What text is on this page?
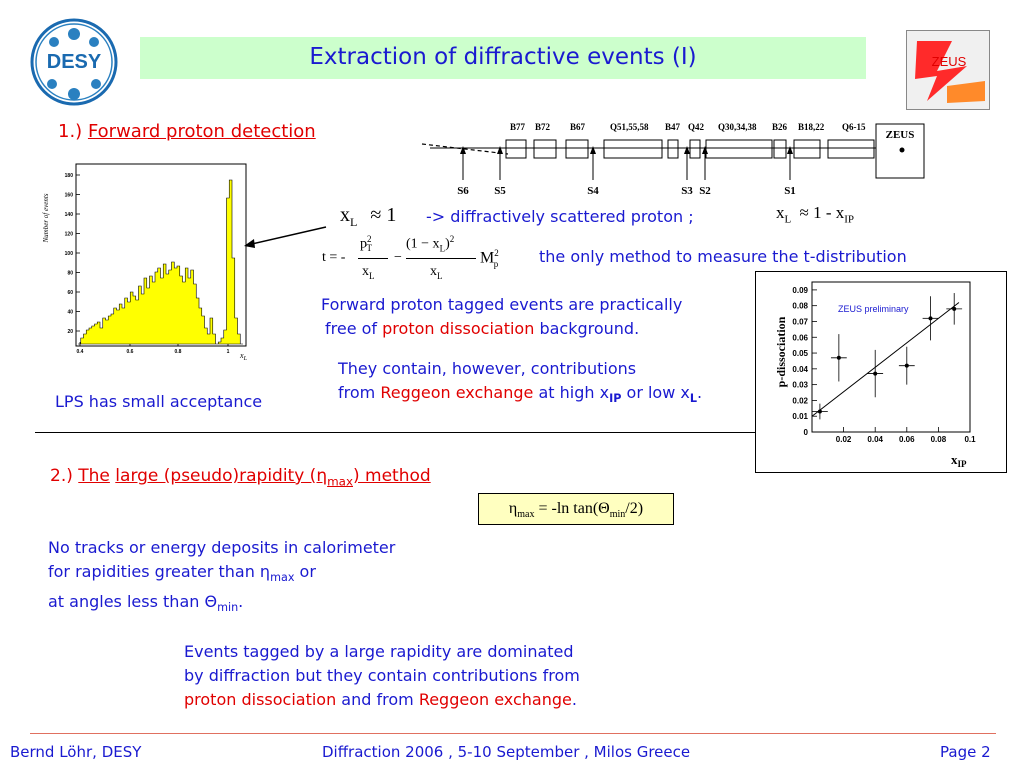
Extraction of diffractive events (I)
DESY	ZEUS
1.) Forward proton detection
Number of events
180
160
140
120
100
80
60
40
20
0.4	0.6	0.8	1 $x_L$
LPS has small acceptance
B77 B72 B67	Q51,55,58 B47 Q42 Q30,34,38 B26 B18,22 Q6-15
ZEUS
S6 S5	S4	S3 S2	S1
$x_L \approx 1$ -> diffractively scattered proton ;	$x_L \approx 1 - x_{IP}$
t = -
$p^2_T$
$x_L$
−
$(1 - x_L)^2$
$x_L$
$M^2_p$	the only method to measure the t-distribution
Forward proton tagged events are practically
free of proton dissociation background.
They contain, however, contributions
from Reggeon exchange at high $x_{IP}$ or low $x_L$.
p-dissociation
0
0.01
0.02
0.03
0.04
0.05
0.06
0.07
0.08
0.09
0.02 0.04 0.06 0.08 0.1
ZEUS preliminary
$x_{IP}$
2.) The large (pseudo)rapidity $(\eta_{max})$ method
$\eta_{max} = -\ln$ $\tan(\Theta_{min}/2)$
No tracks or energy deposits in calorimeter
for rapidities greater than $\eta_{max}$ or
at angles less than $\Theta_{min}$.
Events tagged by a large rapidity are dominated
by diffraction but they contain contributions from
proton dissociation and from Reggeon exchange.
Bernd Löhr, DESY	Diffraction 2006 , 5-10 September , Milos Greece	Page 2
